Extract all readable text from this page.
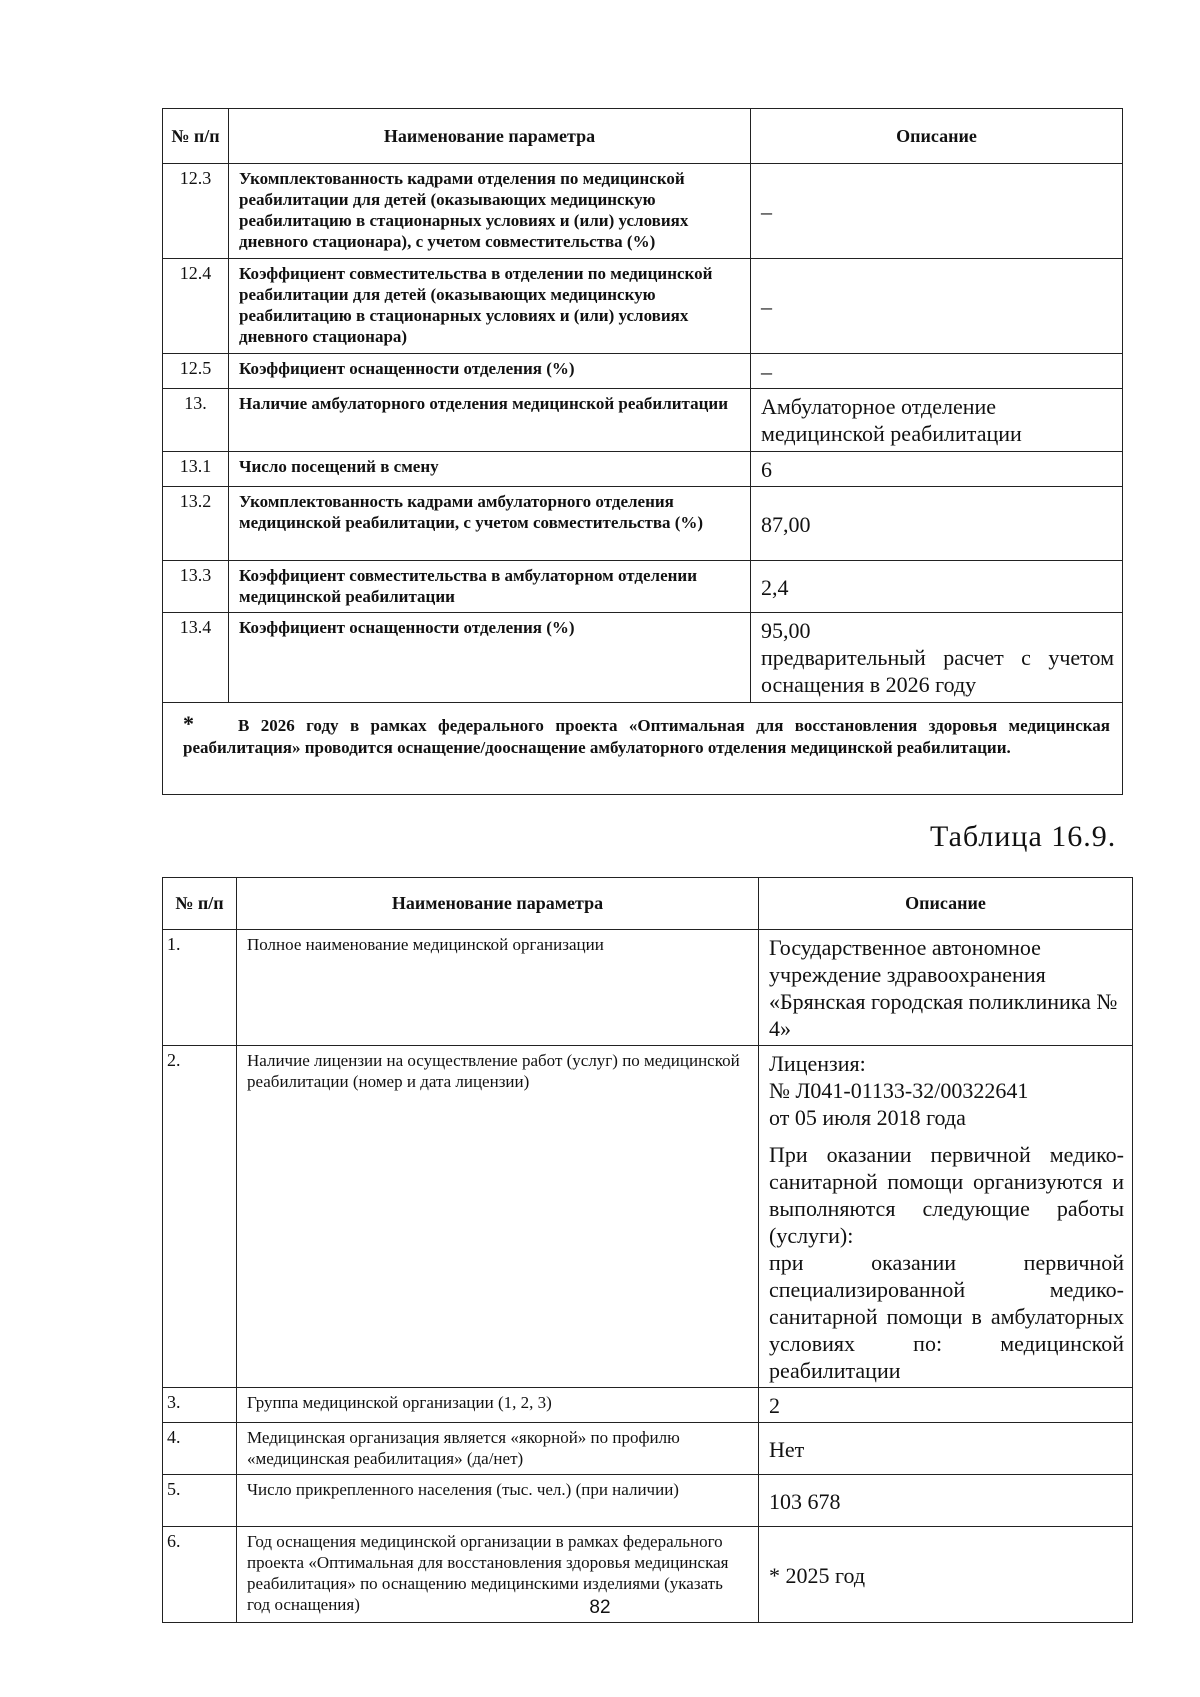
№ п/п	Наименование параметра	Описание
12.3	Укомплектованность кадрами отделения по медицинской реабилитации для детей (оказывающих медицинскую реабилитацию в стационарных условиях и (или) условиях дневного стационара), с учетом совместительства (%)	–
12.4	Коэффициент совместительства в отделении по медицинской реабилитации для детей (оказывающих медицинскую реабилитацию в стационарных условиях и (или) условиях дневного стационара)	–
12.5	Коэффициент оснащенности отделения (%)	–
13.	Наличие амбулаторного отделения медицинской реабилитации	Амбулаторное отделение медицинской реабилитации
13.1	Число посещений в смену	6
13.2	Укомплектованность кадрами амбулаторного отделения медицинской реабилитации, с учетом совместительства (%)	87,00
13.3	Коэффициент совместительства в амбулаторном отделении медицинской реабилитации	2,4
13.4	Коэффициент оснащенности отделения (%)	95,00
предварительный расчет с учетом оснащения в 2026 году

* В 2026 году в рамках федерального проекта «Оптимальная для восстановления здоровья медицинская реабилитация» проводится оснащение/дооснащение амбулаторного отделения медицинской реабилитации.		
Таблица 16.9.
№ п/п	Наименование параметра	Описание
1.	Полное наименование медицинской организации	Государственное автономное учреждение здравоохранения «Брянская городская поликлиника № 4»
2.	Наличие лицензии на осуществление работ (услуг) по медицинской реабилитации (номер и дата лицензии)	Лицензия:
№ Л041-01133-32/00322641
от 05 июля 2018 года
При оказании первичной медико-санитарной помощи организуются и выполняются следующие работы (услуги):
при оказании первичной специализированной медико-санитарной помощи в амбулаторных условиях по: медицинской реабилитации

3.	Группа медицинской организации (1, 2, 3)	2
4.	Медицинская организация является «якорной» по профилю «медицинская реабилитация» (да/нет)	Нет
5.	Число прикрепленного населения (тыс. чел.) (при наличии)	103 678
6.	Год оснащения медицинской организации в рамках федерального проекта «Оптимальная для восстановления здоровья медицинская реабилитация» по оснащению медицинскими изделиями (указать год оснащения)	* 2025 год
82
